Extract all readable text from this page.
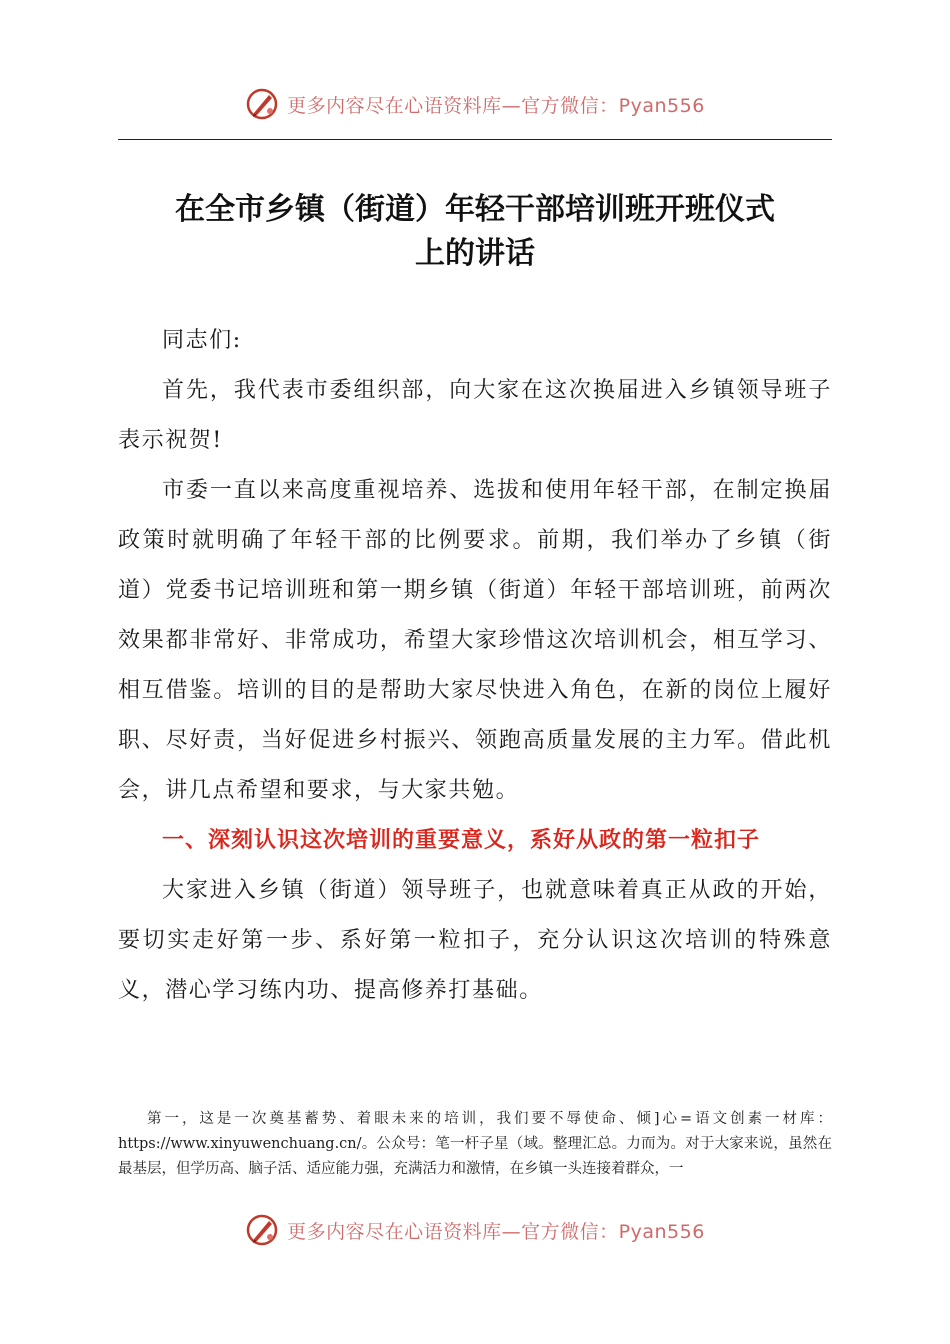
更多内容尽在心语资料库—官方微信：Pyan556
在全市乡镇（街道）年轻干部培训班开班仪式
上的讲话

同志们:

首先，我代表市委组织部，向大家在这次换届进入乡镇领导班子表示祝贺!

市委一直以来高度重视培养、选拔和使用年轻干部，在制定换届政策时就明确了年轻干部的比例要求。前期，我们举办了乡镇（街道）党委书记培训班和第一期乡镇（街道）年轻干部培训班，前两次效果都非常好、非常成功，希望大家珍惜这次培训机会，相互学习、相互借鉴。培训的目的是帮助大家尽快进入角色，在新的岗位上履好职、尽好责，当好促进乡村振兴、领跑高质量发展的主力军。借此机会，讲几点希望和要求，与大家共勉。

一、深刻认识这次培训的重要意义，系好从政的第一粒扣子

大家进入乡镇（街道）领导班子，也就意味着真正从政的开始，要切实走好第一步、系好第一粒扣子，充分认识这次培训的特殊意义，潜心学习练内功、提高修养打基础。

第一，这是一次奠基蓄势、着眼未来的培训，我们要不辱使命、倾]心=语文创素一材库：https://www.xinyuwenchuang.cn/。公众号：笔一杆子星（域。整理汇总。力而为。对于大家来说，虽然在最基层，但学历高、脑子活、适应能力强，充满活力和激情，在乡镇一头连接着群众，一

更多内容尽在心语资料库—官方微信：Pyan556
